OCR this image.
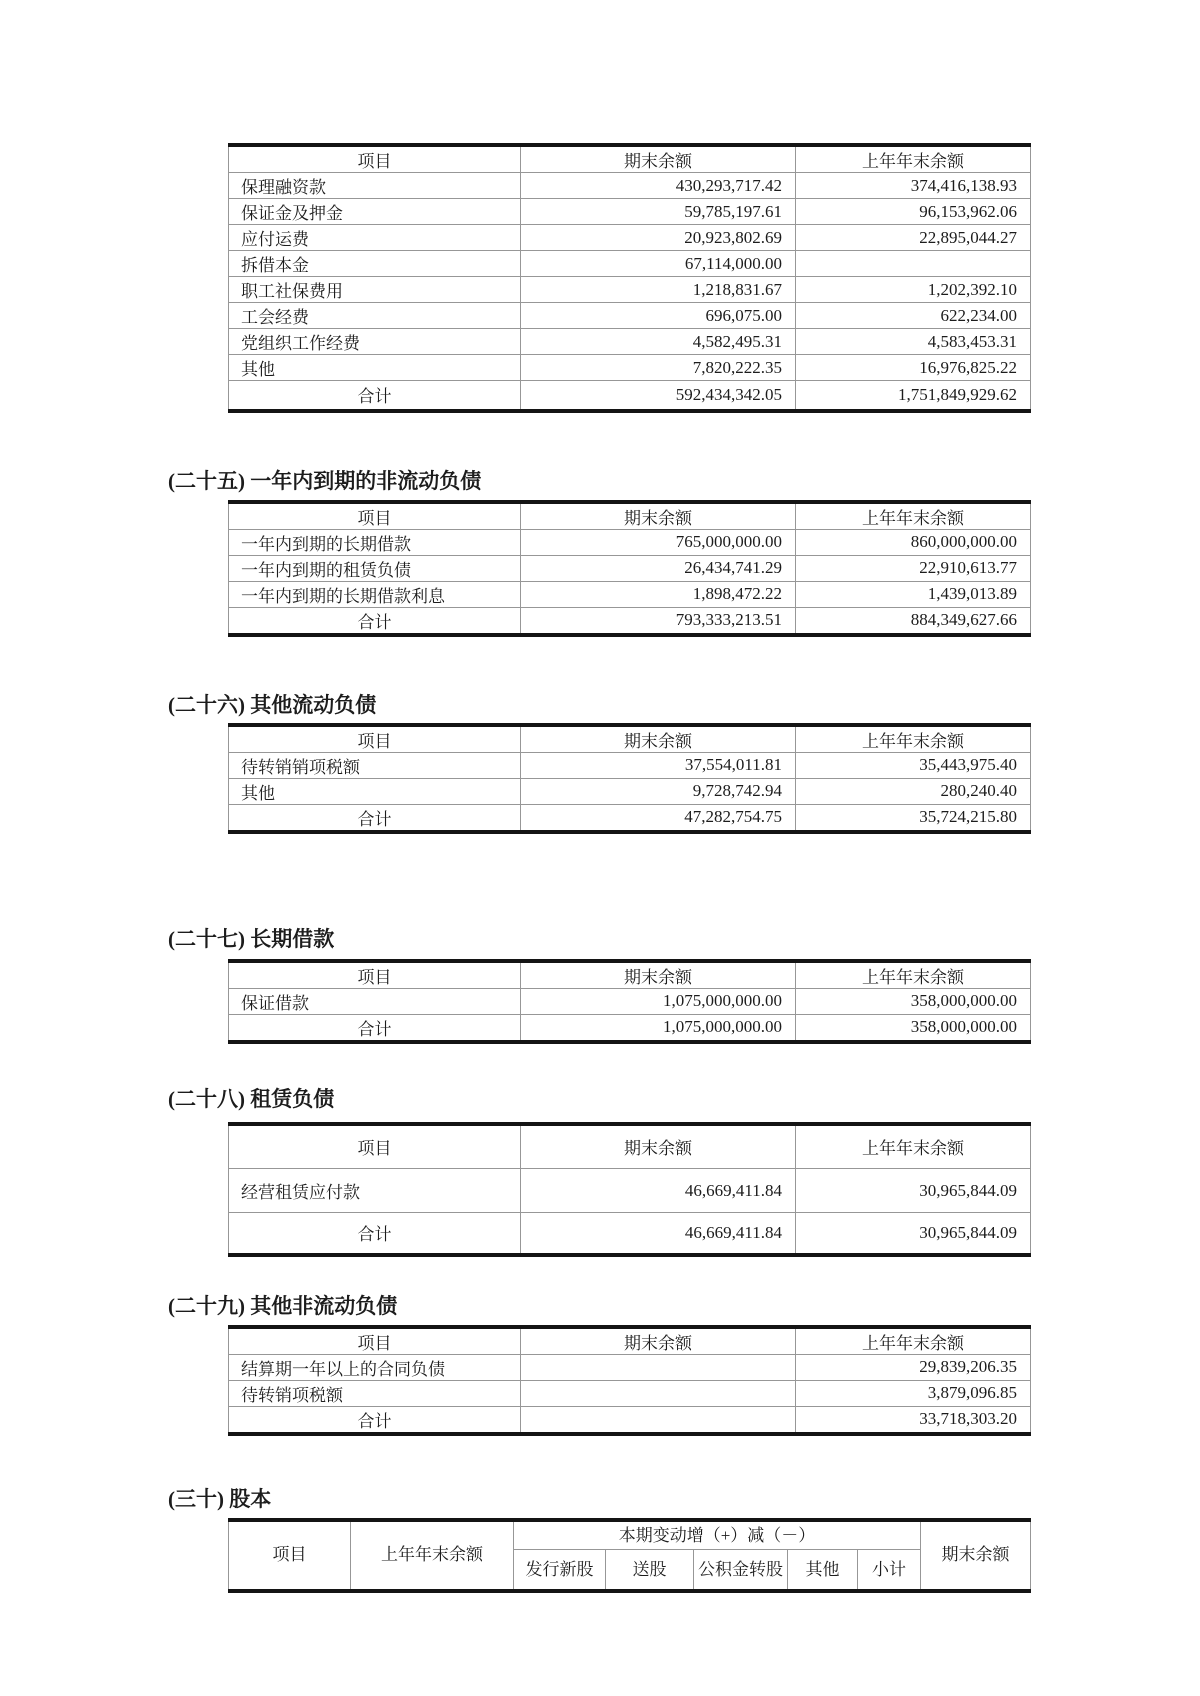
项目	期末余额	上年年末余额
保理融资款	430,293,717.42	374,416,138.93
保证金及押金	59,785,197.61	96,153,962.06
应付运费	20,923,802.69	22,895,044.27
拆借本金	67,114,000.00	
职工社保费用	1,218,831.67	1,202,392.10
工会经费	696,075.00	622,234.00
党组织工作经费	4,582,495.31	4,583,453.31
其他	7,820,222.35	16,976,825.22
合计	592,434,342.05	1,751,849,929.62
(二十五) 一年内到期的非流动负债
项目	期末余额	上年年末余额
一年内到期的长期借款	765,000,000.00	860,000,000.00
一年内到期的租赁负债	26,434,741.29	22,910,613.77
一年内到期的长期借款利息	1,898,472.22	1,439,013.89
合计	793,333,213.51	884,349,627.66
(二十六) 其他流动负债
项目	期末余额	上年年末余额
待转销销项税额	37,554,011.81	35,443,975.40
其他	9,728,742.94	280,240.40
合计	47,282,754.75	35,724,215.80
(二十七) 长期借款
项目	期末余额	上年年末余额
保证借款	1,075,000,000.00	358,000,000.00
合计	1,075,000,000.00	358,000,000.00
(二十八) 租赁负债
项目	期末余额	上年年末余额
经营租赁应付款	46,669,411.84	30,965,844.09
合计	46,669,411.84	30,965,844.09
(二十九) 其他非流动负债
项目	期末余额	上年年末余额
结算期一年以上的合同负债		29,839,206.35
待转销项税额		3,879,096.85
合计		33,718,303.20
(三十) 股本
项目	上年年末余额	本期变动增（+）减（－）					期末余额
		发行新股	送股	公积金转股	其他	小计	
